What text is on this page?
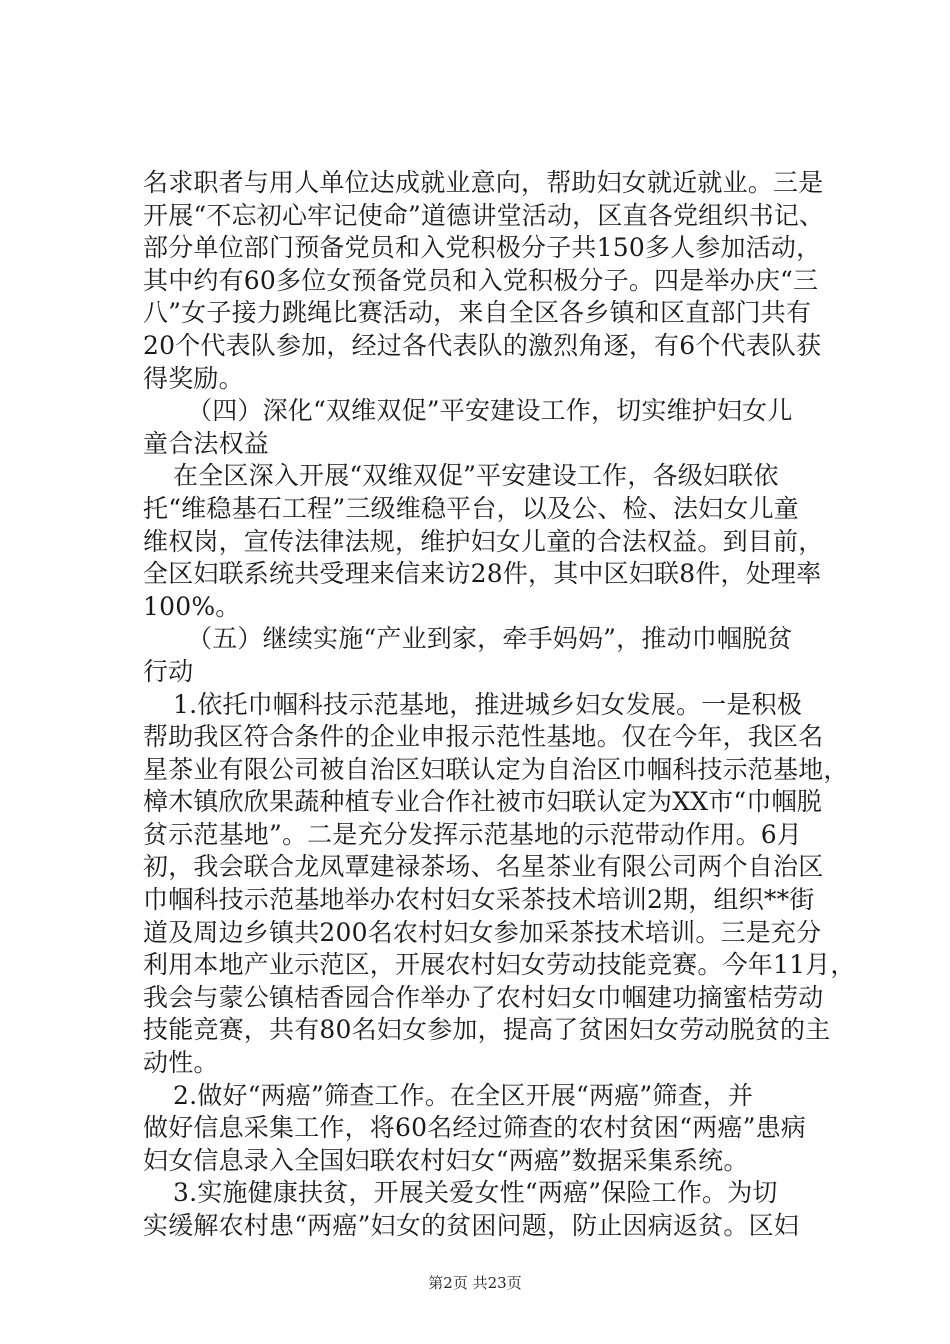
名求职者与用人单位达成就业意向，帮助妇女就近就业。三是
开展“不忘初心牢记使命”道德讲堂活动，区直各党组织书记、
部分单位部门预备党员和入党积极分子共150多人参加活动，
其中约有60多位女预备党员和入党积极分子。四是举办庆“三
八”女子接力跳绳比赛活动，来自全区各乡镇和区直部门共有
20个代表队参加，经过各代表队的激烈角逐，有6个代表队获
得奖励。
（四）深化“双维双促”平安建设工作，切实维护妇女儿
童合法权益
在全区深入开展“双维双促”平安建设工作，各级妇联依
托“维稳基石工程”三级维稳平台，以及公、检、法妇女儿童
维权岗，宣传法律法规，维护妇女儿童的合法权益。到目前，
全区妇联系统共受理来信来访28件，其中区妇联8件，处理率
100%。
（五）继续实施“产业到家，牵手妈妈”，推动巾帼脱贫
行动
1.依托巾帼科技示范基地，推进城乡妇女发展。一是积极
帮助我区符合条件的企业申报示范性基地。仅在今年，我区名
星茶业有限公司被自治区妇联认定为自治区巾帼科技示范基地，
樟木镇欣欣果蔬种植专业合作社被市妇联认定为XX市“巾帼脱
贫示范基地”。二是充分发挥示范基地的示范带动作用。6月
初，我会联合龙凤覃建禄茶场、名星茶业有限公司两个自治区
巾帼科技示范基地举办农村妇女采茶技术培训2期，组织**街
道及周边乡镇共200名农村妇女参加采茶技术培训。三是充分
利用本地产业示范区，开展农村妇女劳动技能竞赛。今年11月，
我会与蒙公镇桔香园合作举办了农村妇女巾帼建功摘蜜桔劳动
技能竞赛，共有80名妇女参加，提高了贫困妇女劳动脱贫的主
动性。
2.做好“两癌”筛查工作。在全区开展“两癌”筛查，并
做好信息采集工作，将60名经过筛查的农村贫困“两癌”患病
妇女信息录入全国妇联农村妇女“两癌”数据采集系统。
3.实施健康扶贫，开展关爱女性“两癌”保险工作。为切
实缓解农村患“两癌”妇女的贫困问题，防止因病返贫。区妇
第2页 共23页
